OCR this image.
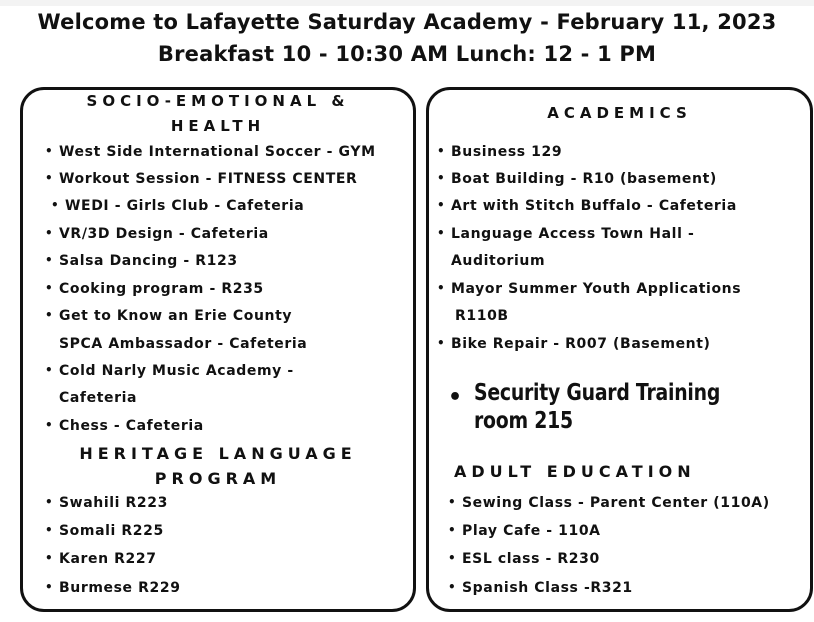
Welcome to Lafayette Saturday Academy - February 11, 2023
Breakfast 10 - 10:30 AM Lunch: 12 - 1 PM
SOCIO-EMOTIONAL &
HEALTH
• West Side International Soccer - GYM
• Workout Session - FITNESS CENTER
• WEDI - Girls Club - Cafeteria
• VR/3D Design - Cafeteria
• Salsa Dancing - R123
• Cooking program - R235
• Get to Know an Erie County
SPCA Ambassador - Cafeteria
• Cold Narly Music Academy -
Cafeteria
• Chess - Cafeteria
HERITAGE LANGUAGE
PROGRAM
• Swahili R223
• Somali R225
• Karen R227
• Burmese R229
ACADEMICS
• Business 129
• Boat Building - R10 (basement)
• Art with Stitch Buffalo - Cafeteria
• Language Access Town Hall -
Auditorium
• Mayor Summer Youth Applications
R110B
• Bike Repair - R007 (Basement)
• Security Guard Training
room 215
ADULT EDUCATION
• Sewing Class - Parent Center (110A)
• Play Cafe - 110A
• ESL class - R230
• Spanish Class -R321
